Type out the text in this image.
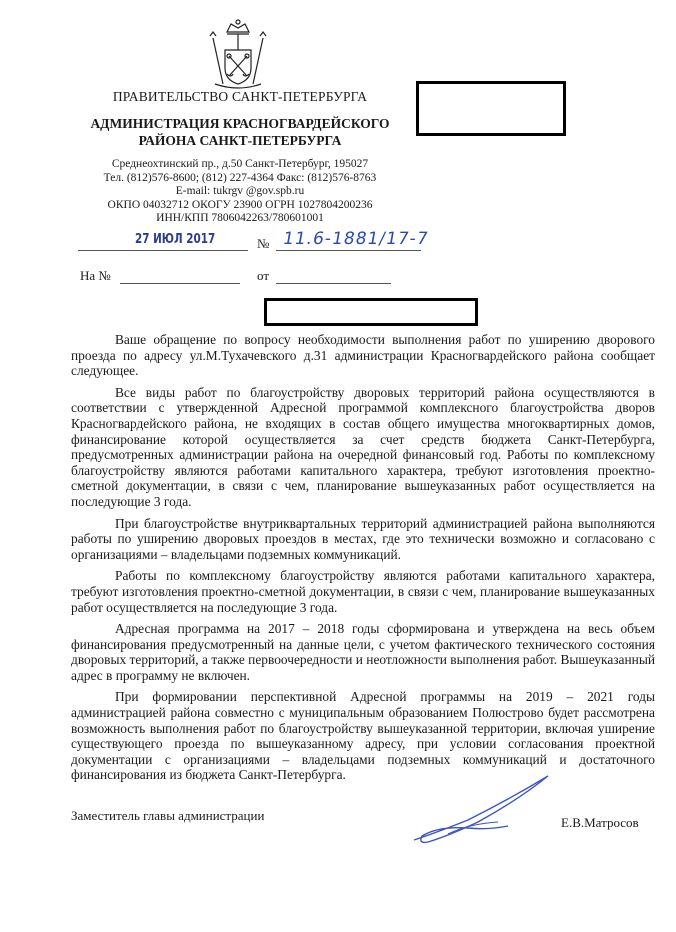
ПРАВИТЕЛЬСТВО САНКТ-ПЕТЕРБУРГА
АДМИНИСТРАЦИЯ КРАСНОГВАРДЕЙСКОГО
РАЙОНА САНКТ-ПЕТЕРБУРГА
Среднеохтинский пр., д.50 Санкт-Петербург, 195027
Тел. (812)576-8600; (812) 227-4364 Факс: (812)576-8763
E-mail: tukrgv @gov.spb.ru
ОКПО 04032712 ОКОГУ 23900 ОГРН 1027804200236
ИНН/КПП 7806042263/780601001
27 ИЮЛ 2017	№ 11.6-1881/17-7
На №	от

Ваше обращение по вопросу необходимости выполнения работ по уширению дворового проезда по адресу ул.М.Тухачевского д.31 администрации Красногвардейского района сообщает следующее.

Все виды работ по благоустройству дворовых территорий района осуществляются в соответствии с утвержденной Адресной программой комплексного благоустройства дворов Красногвардейского района, не входящих в состав общего имущества многоквартирных домов, финансирование которой осуществляется за счет средств бюджета Санкт-Петербурга, предусмотренных администрации района на очередной финансовый год. Работы по комплексному благоустройству являются работами капитального характера, требуют изготовления проектно-сметной документации, в связи с чем, планирование вышеуказанных работ осуществляется на последующие 3 года.

При благоустройстве внутриквартальных территорий администрацией района выполняются работы по уширению дворовых проездов в местах, где это технически возможно и согласовано с организациями – владельцами подземных коммуникаций.

Работы по комплексному благоустройству являются работами капитального характера, требуют изготовления проектно-сметной документации, в связи с чем, планирование вышеуказанных работ осуществляется на последующие 3 года.

Адресная программа на 2017 – 2018 годы сформирована и утверждена на весь объем финансирования предусмотренный на данные цели, с учетом фактического технического состояния дворовых территорий, а также первоочередности и неотложности выполнения работ. Вышеуказанный адрес в программу не включен.

При формировании перспективной Адресной программы на 2019 – 2021 годы администрацией района совместно с муниципальным образованием Полюстрово будет рассмотрена возможность выполнения работ по благоустройству вышеуказанной территории, включая уширение существующего проезда по вышеуказанному адресу, при условии согласования проектной документации с организациями – владельцами подземных коммуникаций и достаточного финансирования из бюджета Санкт-Петербурга.

Заместитель главы администрации	Е.В.Матросов
